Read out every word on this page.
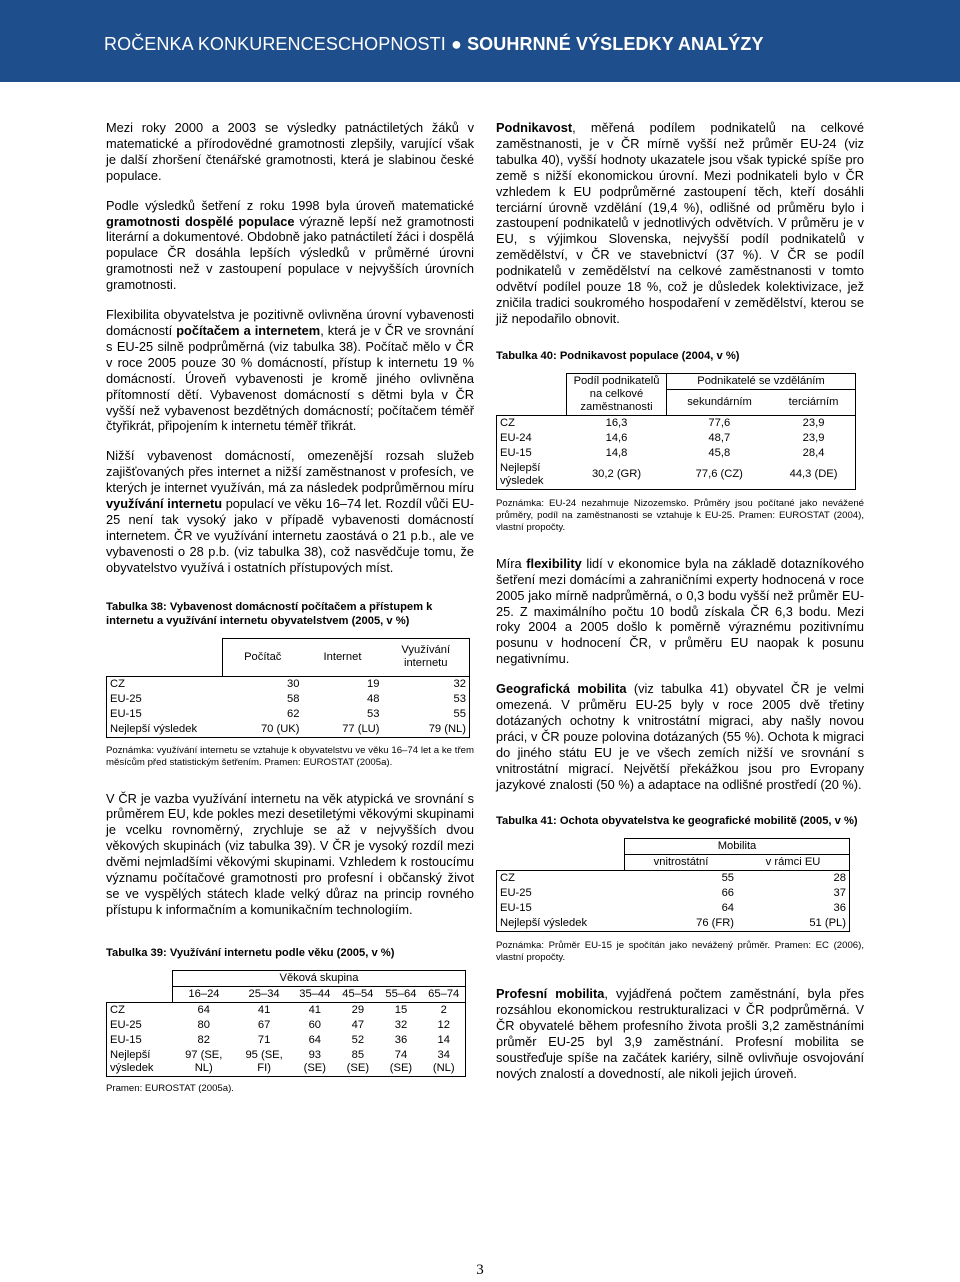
ROČENKA KONKURENCESCHOPNOSTI ● SOUHRNNÉ VÝSLEDKY ANALÝZY

Mezi roky 2000 a 2003 se výsledky patnáctiletých žáků v matematické a přírodovědné gramotnosti zlepšily, varující však je další zhoršení čtenářské gramotnosti, která je slabinou české populace.

Podle výsledků šetření z roku 1998 byla úroveň matematické gramotnosti dospělé populace výrazně lepší než gramotnosti literární a dokumentové. Obdobně jako patnáctiletí žáci i dospělá populace ČR dosáhla lepších výsledků v průměrné úrovni gramotnosti než v zastoupení populace v nejvyšších úrovních gramotnosti.

Flexibilita obyvatelstva je pozitivně ovlivněna úrovní vybavenosti domácností počítačem a internetem, která je v ČR ve srovnání s EU-25 silně podprůměrná (viz tabulka 38). Počítač mělo v ČR v roce 2005 pouze 30 % domácností, přístup k internetu 19 % domácností. Úroveň vybavenosti je kromě jiného ovlivněna přítomností dětí. Vybavenost domácností s dětmi byla v ČR vyšší než vybavenost bezdětných domácností; počítačem téměř čtyřikrát, připojením k internetu téměř třikrát.

Nižší vybavenost domácností, omezenější rozsah služeb zajišťovaných přes internet a nižší zaměstnanost v profesích, ve kterých je internet využíván, má za následek podprůměrnou míru využívání internetu populací ve věku 16–74 let. Rozdíl vůči EU-25 není tak vysoký jako v případě vybavenosti domácností internetem. ČR ve využívání internetu zaostává o 21 p.b., ale ve vybavenosti o 28 p.b. (viz tabulka 38), což nasvědčuje tomu, že obyvatelstvo využívá i ostatních přístupových míst.

Tabulka 38: Vybavenost domácností počítačem a přístupem k internetu a využívání internetu obyvatelstvem (2005, v %)
	Počítač	Internet	Využívání internetu
CZ	30	19	32
EU-25	58	48	53
EU-15	62	53	55
Nejlepší výsledek	70 (UK)	77 (LU)	79 (NL)
Poznámka: využívání internetu se vztahuje k obyvatelstvu ve věku 16–74 let a ke třem měsícům před statistickým šetřením. Pramen: EUROSTAT (2005a).

V ČR je vazba využívání internetu na věk atypická ve srovnání s průměrem EU, kde pokles mezi desetiletými věkovými skupinami je vcelku rovnoměrný, zrychluje se až v nejvyšších dvou věkových skupinách (viz tabulka 39). V ČR je vysoký rozdíl mezi dvěmi nejmladšími věkovými skupinami. Vzhledem k rostoucímu významu počítačové gramotnosti pro profesní i občanský život se ve vyspělých státech klade velký důraz na princip rovného přístupu k informačním a komunikačním technologiím.

Tabulka 39: Využívání internetu podle věku (2005, v %)
	Věková skupina					
	16–24	25–34	35–44	45–54	55–64	65–74
CZ	64	41	41	29	15	2
EU-25	80	67	60	47	32	12
EU-15	82	71	64	52	36	14
Nejlepší výsledek	97 (SE, NL)	95 (SE, FI)	93 (SE)	85 (SE)	74 (SE)	34 (NL)
Pramen: EUROSTAT (2005a).

Podnikavost, měřená podílem podnikatelů na celkové zaměstnanosti, je v ČR mírně vyšší než průměr EU-24 (viz tabulka 40), vyšší hodnoty ukazatele jsou však typické spíše pro země s nižší ekonomickou úrovní. Mezi podnikateli bylo v ČR vzhledem k EU podprůměrné zastoupení těch, kteří dosáhli terciární úrovně vzdělání (19,4 %), odlišné od průměru bylo i zastoupení podnikatelů v jednotlivých odvětvích. V průměru je v EU, s výjimkou Slovenska, nejvyšší podíl podnikatelů v zemědělství, v ČR ve stavebnictví (37 %). V ČR se podíl podnikatelů v zemědělství na celkové zaměstnanosti v tomto odvětví podílel pouze 18 %, což je důsledek kolektivizace, jež zničila tradici soukromého hospodaření v zemědělství, kterou se již nepodařilo obnovit.

Tabulka 40: Podnikavost populace (2004, v %)
	Podíl podnikatelů na celkové zaměstnanosti	Podnikatelé se vzděláním	
		sekundárním	terciárním
CZ	16,3	77,6	23,9
EU-24	14,6	48,7	23,9
EU-15	14,8	45,8	28,4
Nejlepší výsledek	30,2 (GR)	77,6 (CZ)	44,3 (DE)
Poznámka: EU-24 nezahrnuje Nizozemsko. Průměry jsou počítané jako nevážené průměry, podíl na zaměstnanosti se vztahuje k EU-25. Pramen: EUROSTAT (2004), vlastní propočty.

Míra flexibility lidí v ekonomice byla na základě dotazníkového šetření mezi domácími a zahraničními experty hodnocená v roce 2005 jako mírně nadprůměrná, o 0,3 bodu vyšší než průměr EU-25. Z maximálního počtu 10 bodů získala ČR 6,3 bodu. Mezi roky 2004 a 2005 došlo k poměrně výraznému pozitivnímu posunu v hodnocení ČR, v průměru EU naopak k posunu negativnímu.

Geografická mobilita (viz tabulka 41) obyvatel ČR je velmi omezená. V průměru EU-25 byly v roce 2005 dvě třetiny dotázaných ochotny k vnitrostátní migraci, aby našly novou práci, v ČR pouze polovina dotázaných (55 %). Ochota k migraci do jiného státu EU je ve všech zemích nižší ve srovnání s vnitrostátní migrací. Největší překážkou jsou pro Evropany jazykové znalosti (50 %) a adaptace na odlišné prostředí (20 %).

Tabulka 41: Ochota obyvatelstva ke geografické mobilitě (2005, v %)
	Mobilita	
	vnitrostátní	v rámci EU
CZ	55	28
EU-25	66	37
EU-15	64	36
Nejlepší výsledek	76 (FR)	51 (PL)
Poznámka: Průměr EU-15 je spočítán jako nevážený průměr. Pramen: EC (2006), vlastní propočty.

Profesní mobilita, vyjádřená počtem zaměstnání, byla přes rozsáhlou ekonomickou restrukturalizaci v ČR podprůměrná. V ČR obyvatelé během profesního života prošli 3,2 zaměstnáními průměr EU-25 byl 3,9 zaměstnání. Profesní mobilita se soustřeďuje spíše na začátek kariéry, silně ovlivňuje osvojování nových znalostí a dovedností, ale nikoli jejich úroveň.

3
